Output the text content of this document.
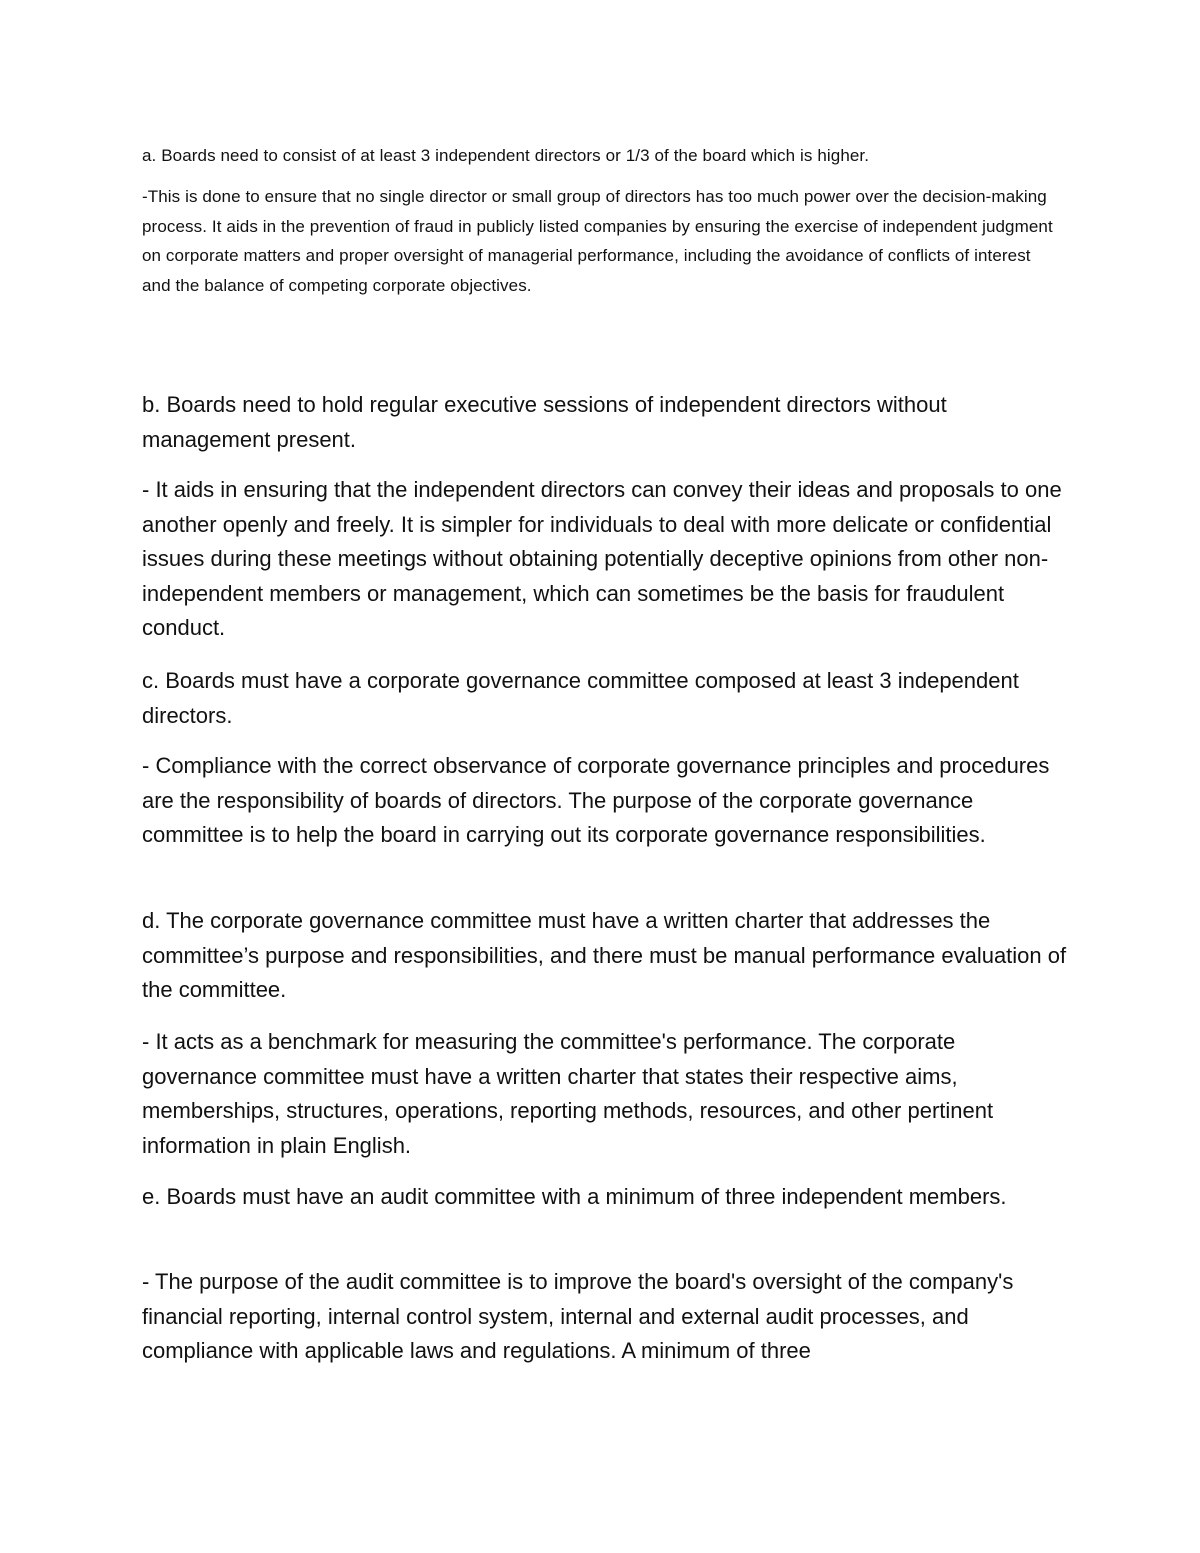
a. Boards need to consist of at least 3 independent directors or 1/3 of the board which is higher.

-This is done to ensure that no single director or small group of directors has too much power over the decision-making process. It aids in the prevention of fraud in publicly listed companies by ensuring the exercise of independent judgment on corporate matters and proper oversight of managerial performance, including the avoidance of conflicts of interest and the balance of competing corporate objectives.

b. Boards need to hold regular executive sessions of independent directors without management present.

- It aids in ensuring that the independent directors can convey their ideas and proposals to one another openly and freely. It is simpler for individuals to deal with more delicate or confidential issues during these meetings without obtaining potentially deceptive opinions from other non-independent members or management, which can sometimes be the basis for fraudulent conduct.

c. Boards must have a corporate governance committee composed at least 3 independent directors.

- Compliance with the correct observance of corporate governance principles and procedures are the responsibility of boards of directors. The purpose of the corporate governance committee is to help the board in carrying out its corporate governance responsibilities.

d. The corporate governance committee must have a written charter that addresses the committee’s purpose and responsibilities, and there must be manual performance evaluation of the committee.

- It acts as a benchmark for measuring the committee's performance. The corporate governance committee must have a written charter that states their respective aims, memberships, structures, operations, reporting methods, resources, and other pertinent information in plain English.

e. Boards must have an audit committee with a minimum of three independent members.

- The purpose of the audit committee is to improve the board's oversight of the company's financial reporting, internal control system, internal and external audit processes, and compliance with applicable laws and regulations. A minimum of three
